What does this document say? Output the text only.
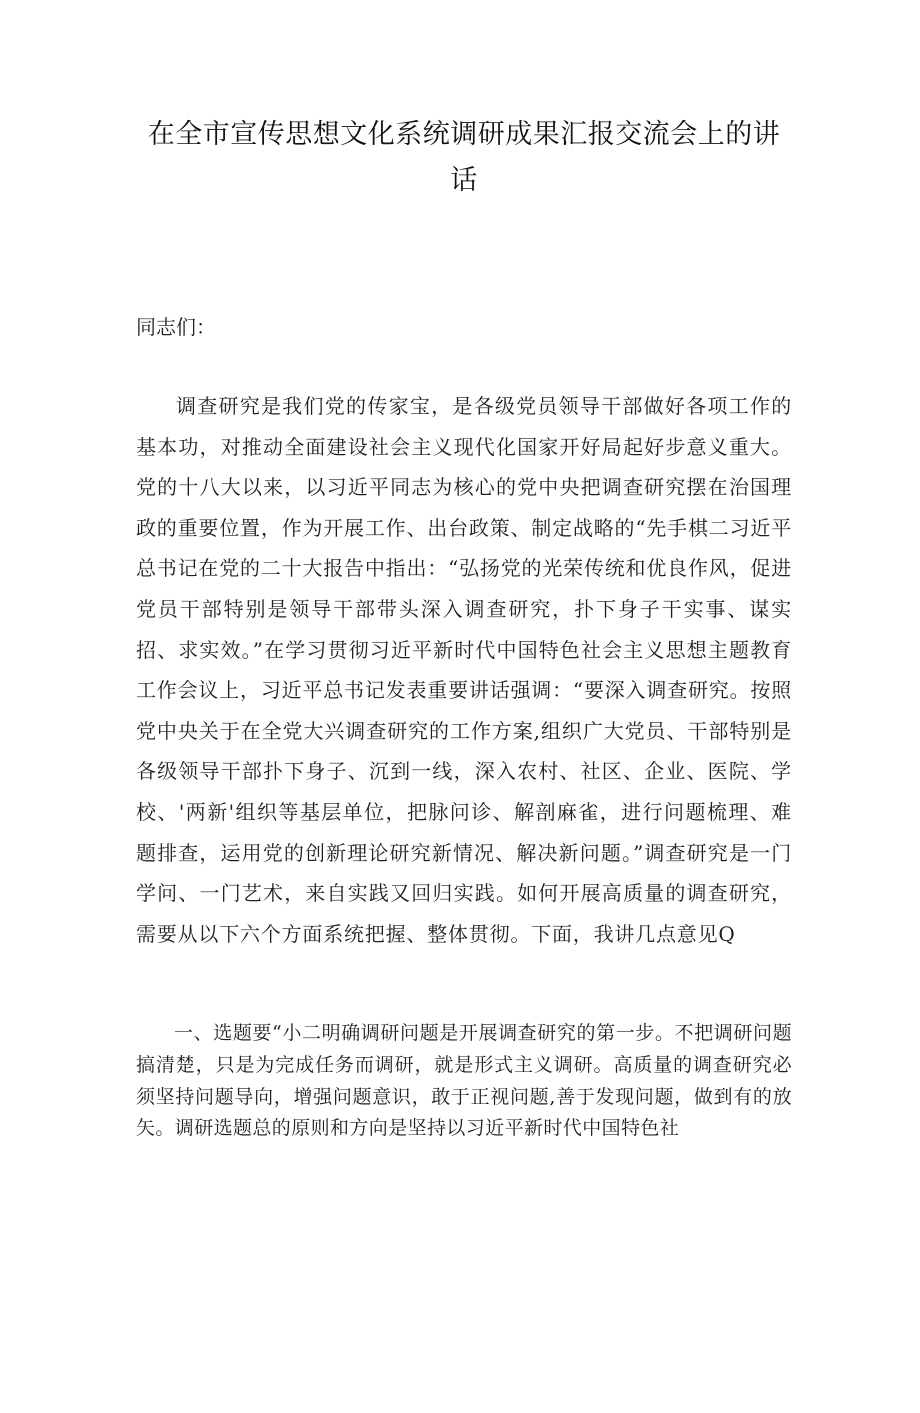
在全市宣传思想文化系统调研成果汇报交流会上的讲话

同志们：

调查研究是我们党的传家宝，是各级党员领导干部做好各项工作的基本功，对推动全面建设社会主义现代化国家开好局起好步意义重大。党的十八大以来，以习近平同志为核心的党中央把调查研究摆在治国理政的重要位置，作为开展工作、出台政策、制定战略的“先手棋二习近平总书记在党的二十大报告中指出：“弘扬党的光荣传统和优良作风，促进党员干部特别是领导干部带头深入调查研究，扑下身子干实事、谋实招、求实效。”在学习贯彻习近平新时代中国特色社会主义思想主题教育工作会议上，习近平总书记发表重要讲话强调：“要深入调查研究。按照党中央关于在全党大兴调查研究的工作方案,组织广大党员、干部特别是各级领导干部扑下身子、沉到一线，深入农村、社区、企业、医院、学校、'两新'组织等基层单位，把脉问诊、解剖麻雀，进行问题梳理、难题排查，运用党的创新理论研究新情况、解决新问题。”调查研究是一门学问、一门艺术，来自实践又回归实践。如何开展高质量的调查研究，需要从以下六个方面系统把握、整体贯彻。下面，我讲几点意见Q

一、选题要“小二明确调研问题是开展调查研究的第一步。不把调研问题搞清楚，只是为完成任务而调研，就是形式主义调研。高质量的调查研究必须坚持问题导向，增强问题意识，敢于正视问题,善于发现问题，做到有的放矢。调研选题总的原则和方向是坚持以习近平新时代中国特色社
